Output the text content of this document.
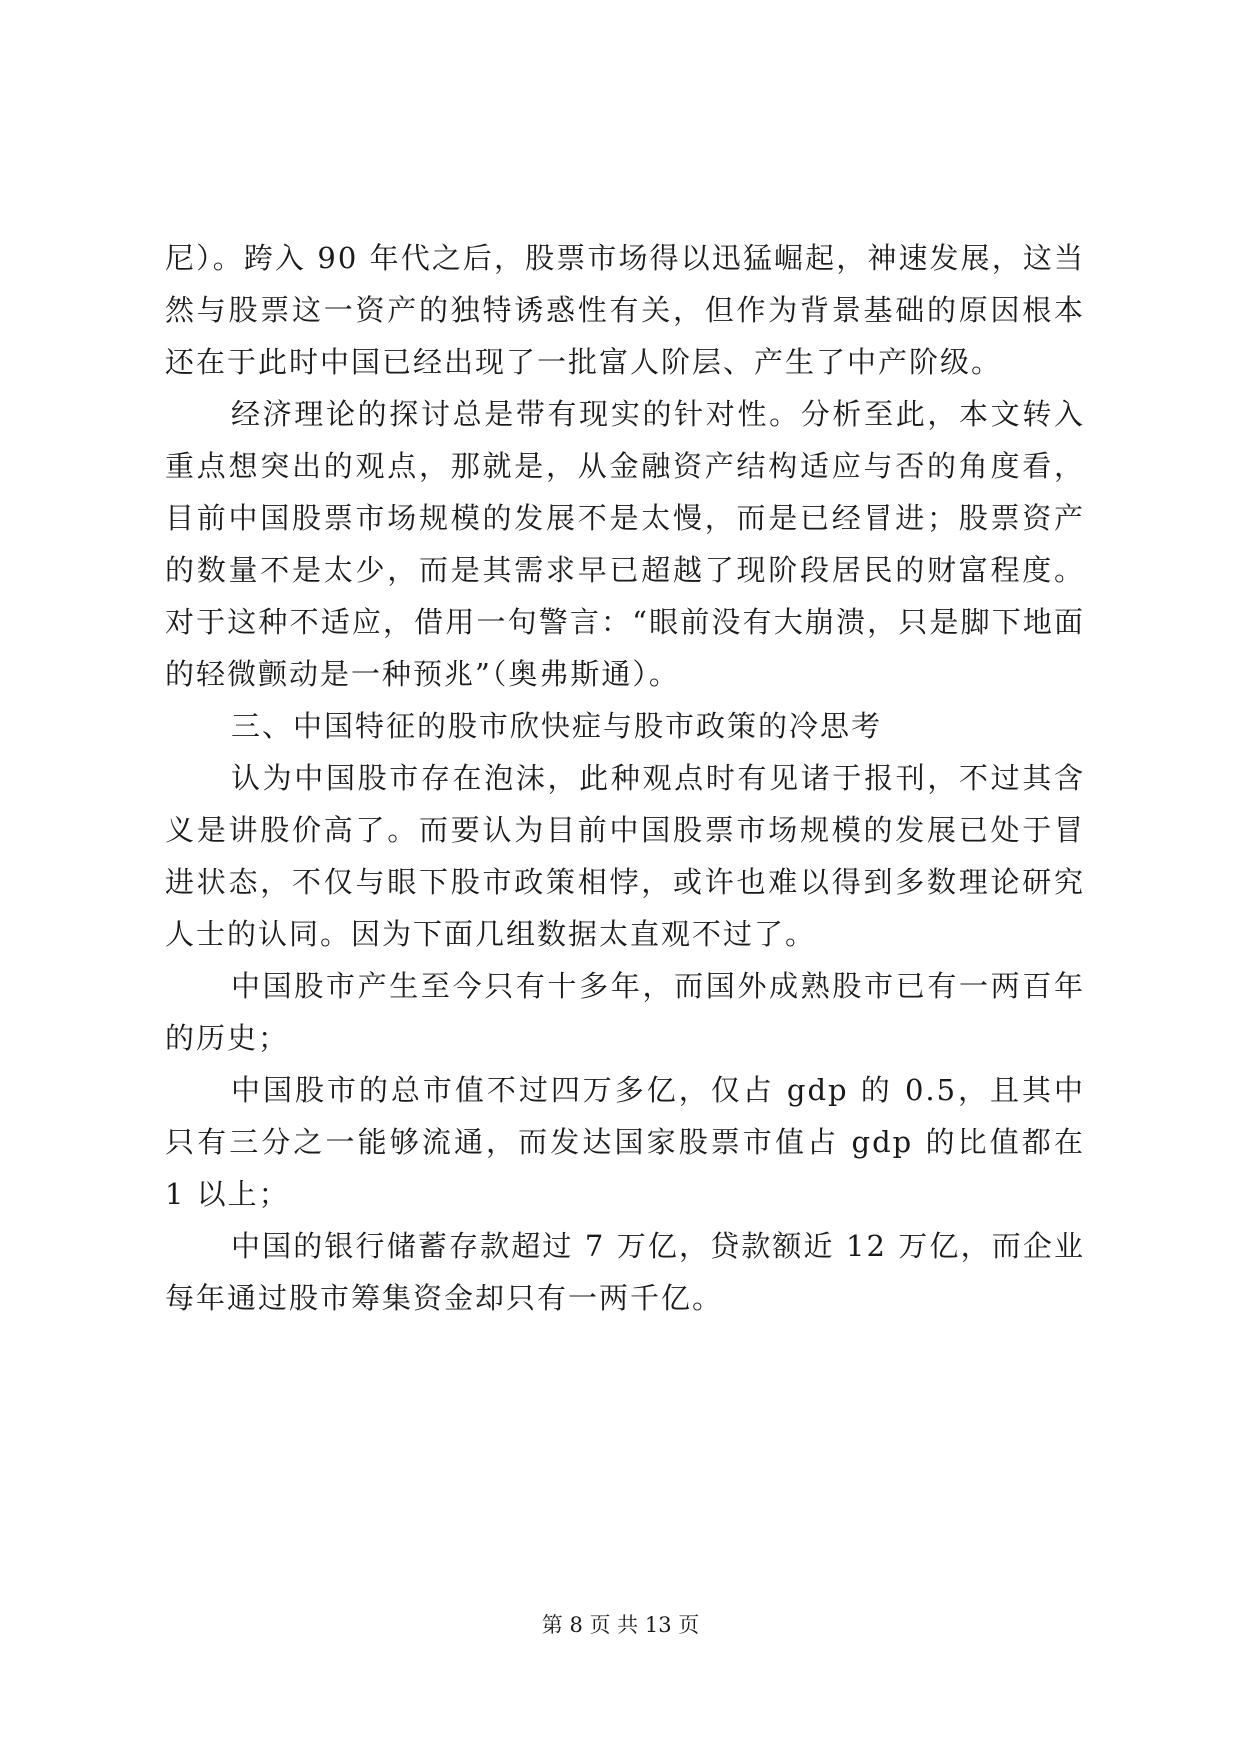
尼）。跨入 90 年代之后，股票市场得以迅猛崛起，神速发展，这当然与股票这一资产的独特诱惑性有关，但作为背景基础的原因根本还在于此时中国已经出现了一批富人阶层、产生了中产阶级。

经济理论的探讨总是带有现实的针对性。分析至此，本文转入重点想突出的观点，那就是，从金融资产结构适应与否的角度看，目前中国股票市场规模的发展不是太慢，而是已经冒进；股票资产的数量不是太少，而是其需求早已超越了现阶段居民的财富程度。对于这种不适应，借用一句警言：“眼前没有大崩溃，只是脚下地面的轻微颤动是一种预兆”（奥弗斯通）。

三、中国特征的股市欣快症与股市政策的冷思考

认为中国股市存在泡沫，此种观点时有见诸于报刊，不过其含义是讲股价高了。而要认为目前中国股票市场规模的发展已处于冒进状态，不仅与眼下股市政策相悖，或许也难以得到多数理论研究人士的认同。因为下面几组数据太直观不过了。

中国股市产生至今只有十多年，而国外成熟股市已有一两百年的历史；

中国股市的总市值不过四万多亿，仅占 gdp 的 0.5，且其中只有三分之一能够流通，而发达国家股票市值占 gdp 的比值都在 1 以上；

中国的银行储蓄存款超过 7 万亿，贷款额近 12 万亿，而企业每年通过股市筹集资金却只有一两千亿。

第 8 页 共 13 页
